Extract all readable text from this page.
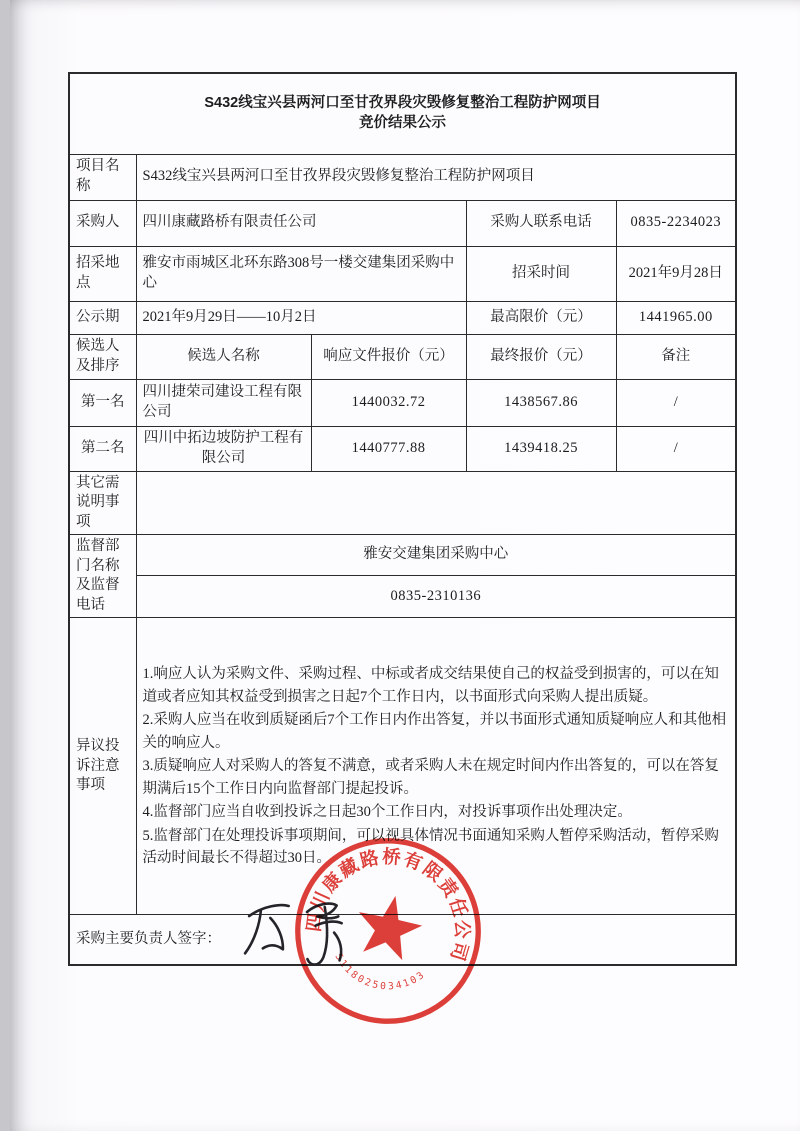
S432线宝兴县两河口至甘孜界段灾毁修复整治工程防护网项目
竞价结果公示				

项目名称	S432线宝兴县两河口至甘孜界段灾毁修复整治工程防护网项目			
采购人	四川康藏路桥有限责任公司		采购人联系电话	0835-2234023
招采地点	雅安市雨城区北环东路308号一楼交建集团采购中心		招采时间	2021年9月28日
公示期	2021年9月29日——10月2日		最高限价（元）	1441965.00
候选人及排序	候选人名称	响应文件报价（元）	最终报价（元）	备注
第一名	四川捷荣司建设工程有限公司	1440032.72	1438567.86	/
第二名	四川中拓边坡防护工程有限公司	1440777.88	1439418.25	/
其它需说明事项				
监督部门名称及监督电话	雅安交建集团采购中心			
	0835-2310136			
异议投诉注意事项	1.响应人认为采购文件、采购过程、中标或者成交结果使自己的权益受到损害的，可以在知道或者应知其权益受到损害之日起7个工作日内，以书面形式向采购人提出质疑。
2.采购人应当在收到质疑函后7个工作日内作出答复，并以书面形式通知质疑响应人和其他相关的响应人。
3.质疑响应人对采购人的答复不满意，或者采购人未在规定时间内作出答复的，可以在答复期满后15个工作日内向监督部门提起投诉。
4.监督部门应当自收到投诉之日起30个工作日内，对投诉事项作出处理决定。
5.监督部门在处理投诉事项期间，可以视具体情况书面通知采购人暂停采购活动，暂停采购活动时间最长不得超过30日。			

采购主要负责人签字：				
四川康藏路桥有限责任公司
5118025034103
